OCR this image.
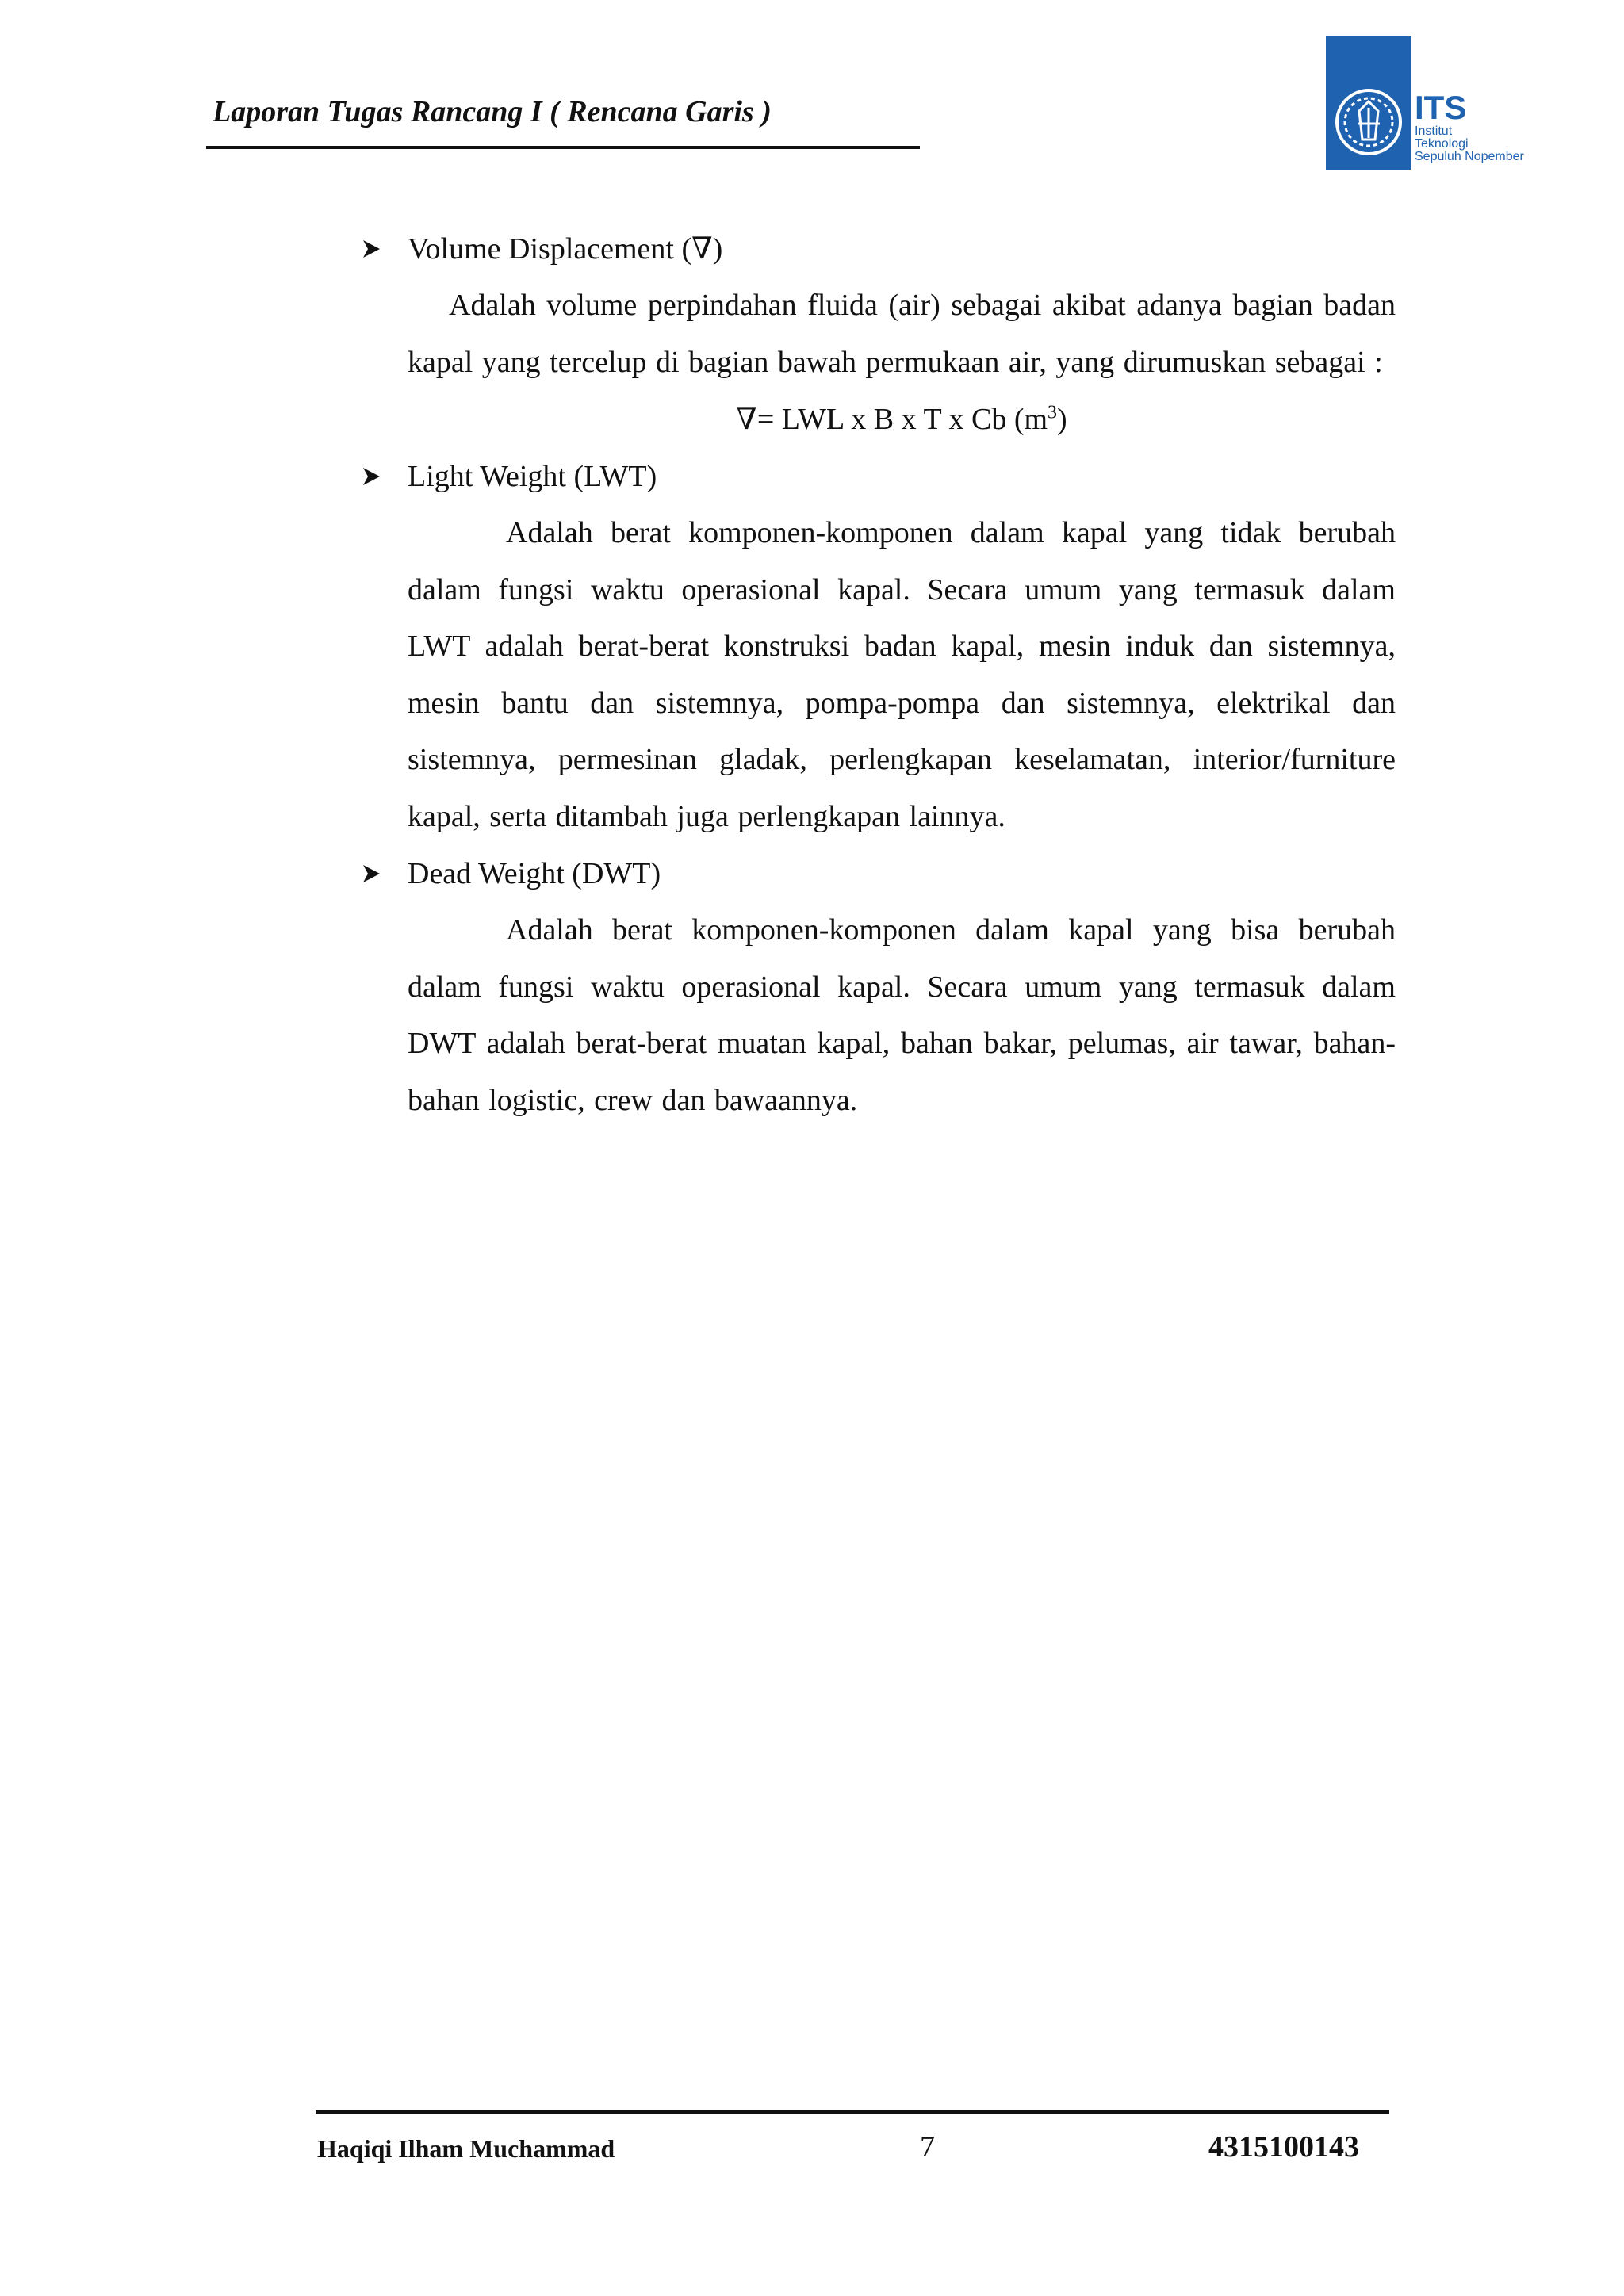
Laporan Tugas Rancang I ( Rencana Garis )	ITS
Institut
Teknologi
Sepuluh Nopember
Volume Displacement (∇)
Adalah volume perpindahan fluida (air) sebagai akibat adanya bagian badan kapal yang tercelup di bagian bawah permukaan air, yang dirumuskan sebagai :
∇= LWL x B x T x Cb $(m^3)$
Light Weight (LWT)
Adalah berat komponen-komponen dalam kapal yang tidak berubah dalam fungsi waktu operasional kapal. Secara umum yang termasuk dalam LWT adalah berat-berat konstruksi badan kapal, mesin induk dan sistemnya, mesin bantu dan sistemnya, pompa-pompa dan sistemnya, elektrikal dan sistemnya, permesinan gladak, perlengkapan keselamatan, interior/furniture kapal, serta ditambah juga perlengkapan lainnya.
Dead Weight (DWT)
Adalah berat komponen-komponen dalam kapal yang bisa berubah dalam fungsi waktu operasional kapal. Secara umum yang termasuk dalam DWT adalah berat-berat muatan kapal, bahan bakar, pelumas, air tawar, bahan-bahan logistic, crew dan bawaannya.
Haqiqi Ilham Muchammad	7	4315100143
